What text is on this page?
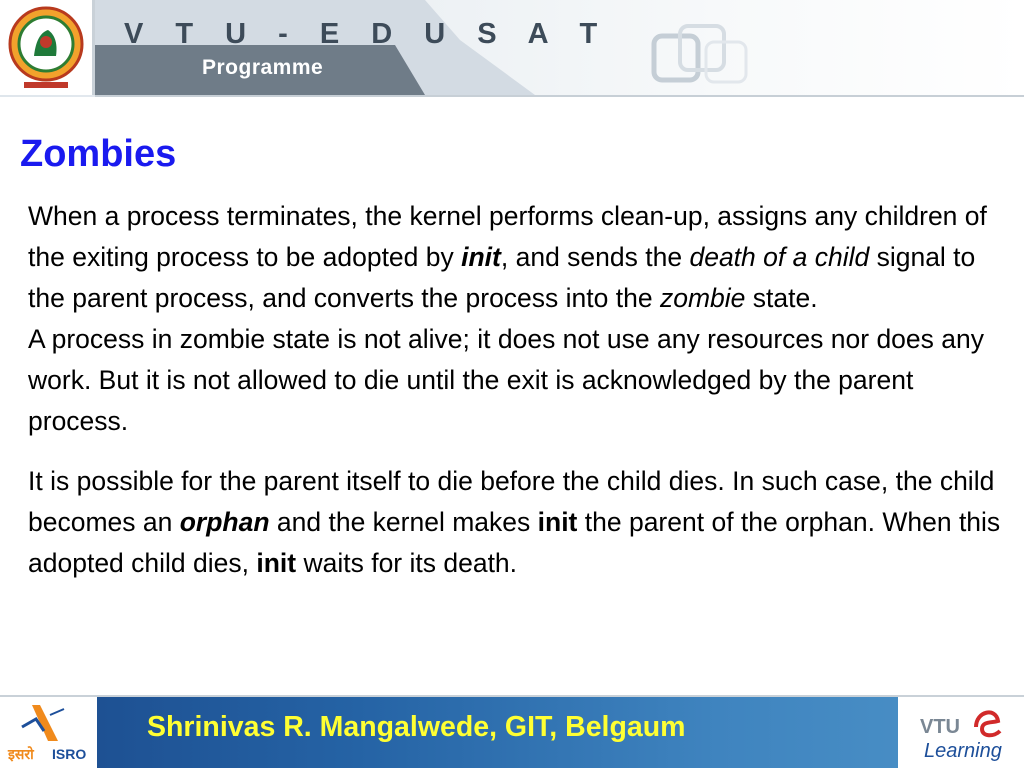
V T U - E D U S A T
Programme
Zombies

When a process terminates, the kernel performs clean-up, assigns any children of the exiting process to be adopted by init, and sends the death of a child signal to the parent process, and converts the process into the zombie state.

A process in zombie state is not alive; it does not use any resources nor does any work. But it is not allowed to die until the exit is acknowledged by the parent process.

It is possible for the parent itself to die before the child dies. In such case, the child becomes an orphan and the kernel makes init the parent of the orphan. When this adopted child dies, init waits for its death.

इसरो ISRO
Shrinivas R. Mangalwede, GIT, Belgaum	VTU
Learning
